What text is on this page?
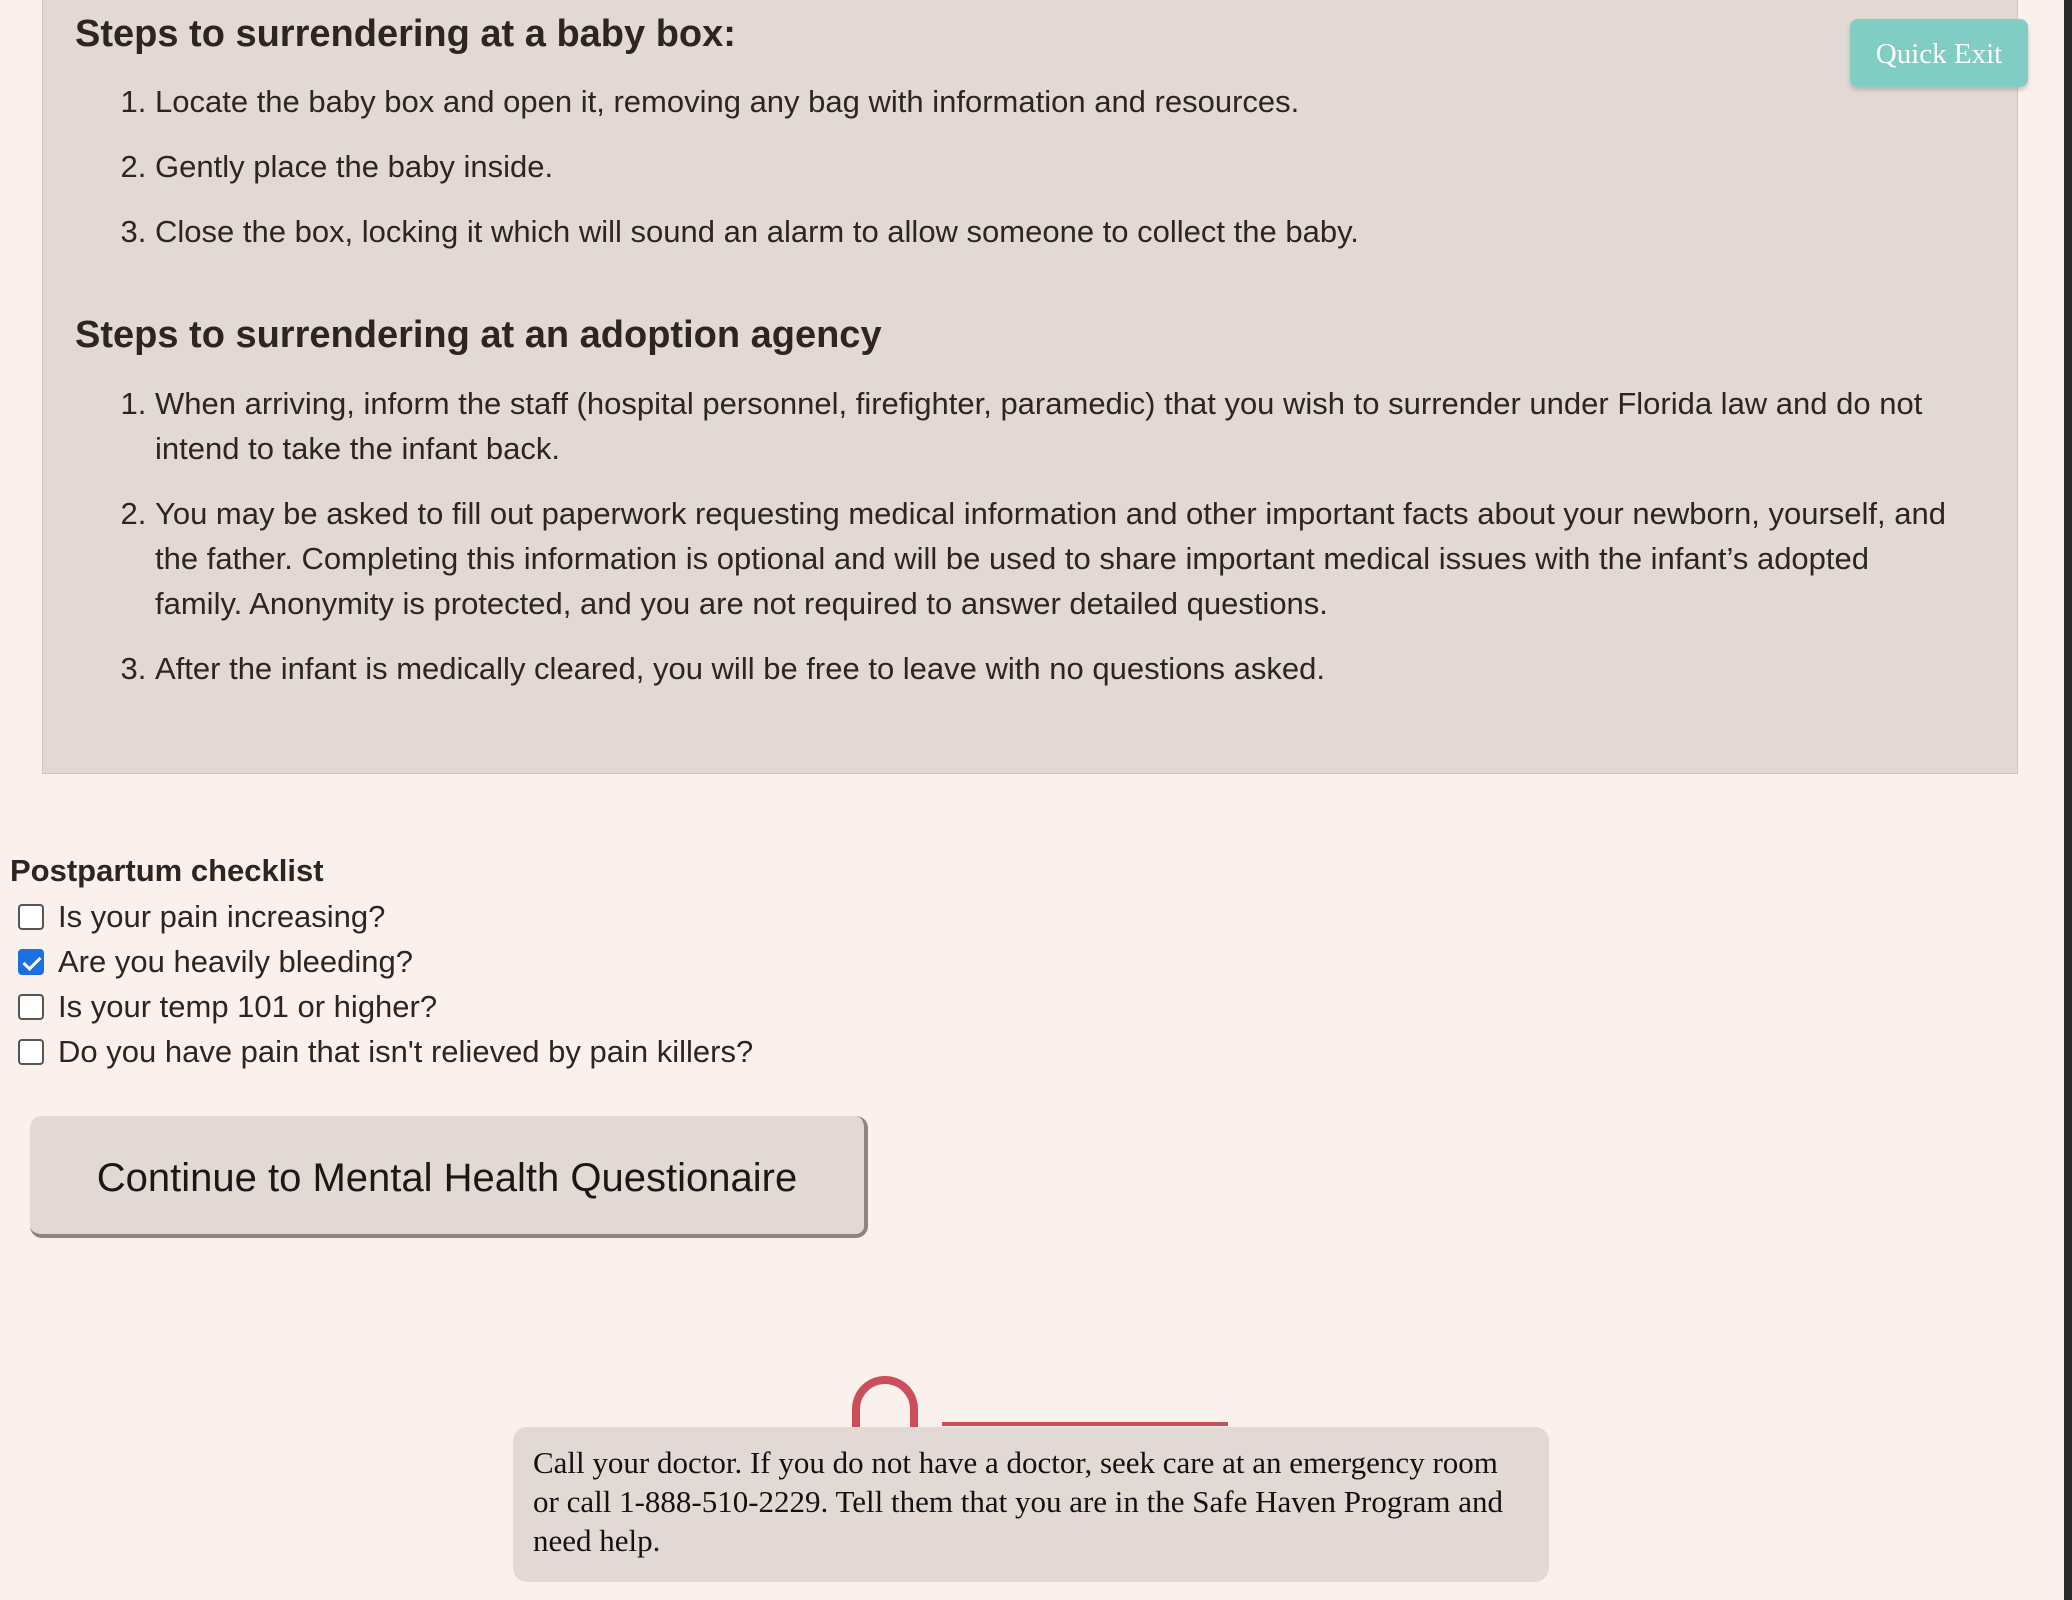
Steps to surrendering at a baby box:
1. Locate the baby box and open it, removing any bag with information and resources.
2. Gently place the baby inside.
3. Close the box, locking it which will sound an alarm to allow someone to collect the baby.
Steps to surrendering at an adoption agency
1. When arriving, inform the staff (hospital personnel, firefighter, paramedic) that you wish to surrender under Florida law and do not intend to take the infant back.
2. You may be asked to fill out paperwork requesting medical information and other important facts about your newborn, yourself, and the father. Completing this information is optional and will be used to share important medical issues with the infant’s adopted family. Anonymity is protected, and you are not required to answer detailed questions.
3. After the infant is medically cleared, you will be free to leave with no questions asked.
Quick Exit
Postpartum checklist
Is your pain increasing?
Are you heavily bleeding?
Is your temp 101 or higher?
Do you have pain that isn't relieved by pain killers?
Continue to Mental Health Questionaire
Call your doctor. If you do not have a doctor, seek care at an emergency room or call 1-888-510-2229. Tell them that you are in the Safe Haven Program and need help.
